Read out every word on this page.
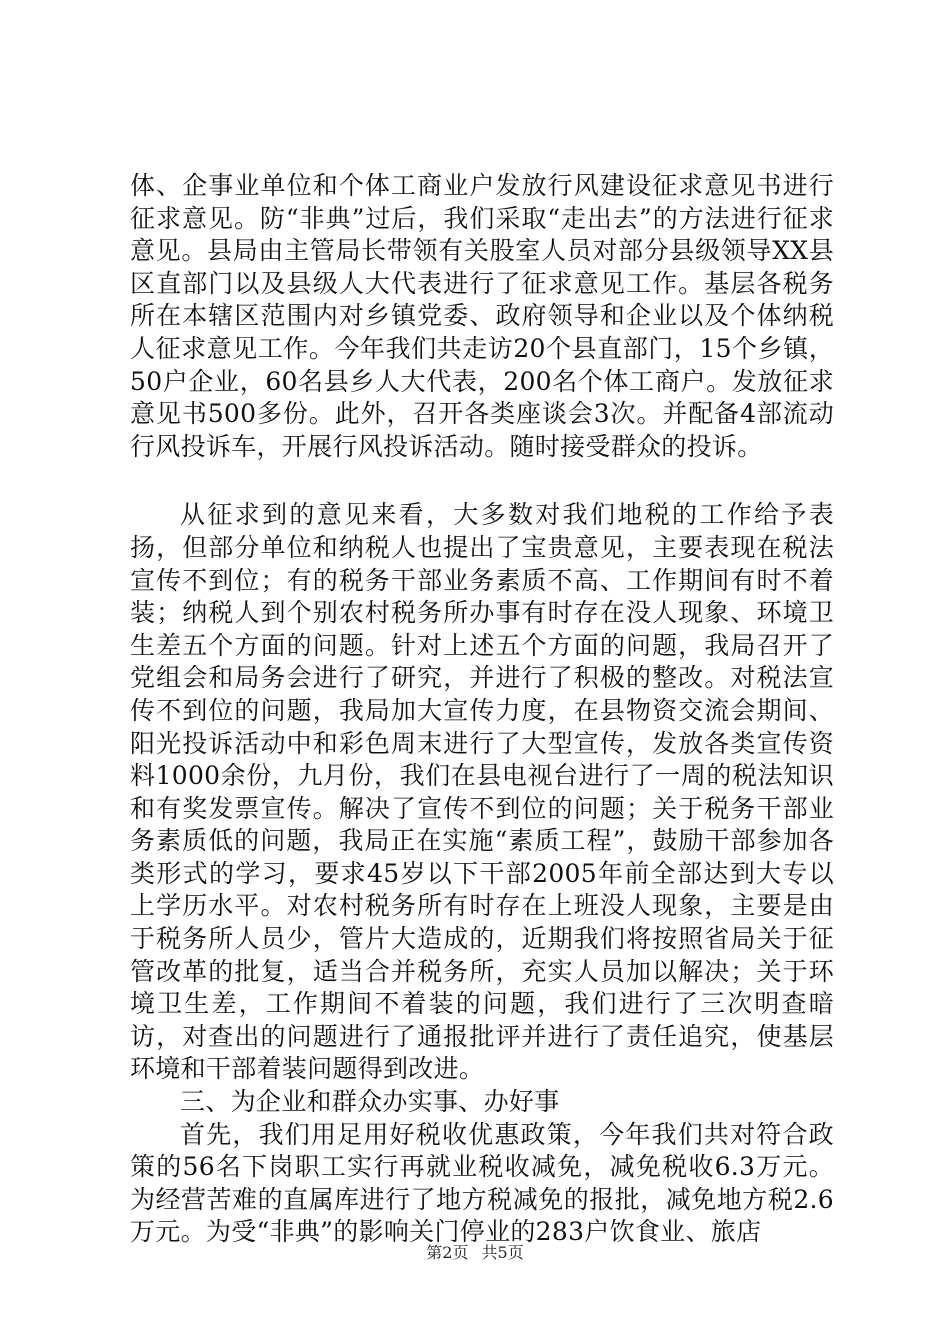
体、企事业单位和个体工商业户发放行风建设征求意见书进行征求意见。防“非典”过后，我们采取“走出去”的方法进行征求意见。县局由主管局长带领有关股室人员对部分县级领导XX县区直部门以及县级人大代表进行了征求意见工作。基层各税务所在本辖区范围内对乡镇党委、政府领导和企业以及个体纳税人征求意见工作。今年我们共走访20个县直部门，15个乡镇，50户企业，60名县乡人大代表，200名个体工商户。发放征求意见书500多份。此外，召开各类座谈会3次。并配备4部流动行风投诉车，开展行风投诉活动。随时接受群众的投诉。

从征求到的意见来看，大多数对我们地税的工作给予表扬，但部分单位和纳税人也提出了宝贵意见，主要表现在税法宣传不到位；有的税务干部业务素质不高、工作期间有时不着装；纳税人到个别农村税务所办事有时存在没人现象、环境卫生差五个方面的问题。针对上述五个方面的问题，我局召开了党组会和局务会进行了研究，并进行了积极的整改。对税法宣传不到位的问题，我局加大宣传力度，在县物资交流会期间、阳光投诉活动中和彩色周末进行了大型宣传，发放各类宣传资料1000余份，九月份，我们在县电视台进行了一周的税法知识和有奖发票宣传。解决了宣传不到位的问题；关于税务干部业务素质低的问题，我局正在实施“素质工程”，鼓励干部参加各类形式的学习，要求45岁以下干部2005年前全部达到大专以上学历水平。对农村税务所有时存在上班没人现象，主要是由于税务所人员少，管片大造成的，近期我们将按照省局关于征管改革的批复，适当合并税务所，充实人员加以解决；关于环境卫生差，工作期间不着装的问题，我们进行了三次明查暗访，对查出的问题进行了通报批评并进行了责任追究，使基层环境和干部着装问题得到改进。

三、为企业和群众办实事、办好事

首先，我们用足用好税收优惠政策，今年我们共对符合政策的56名下岗职工实行再就业税收减免，减免税收6.3万元。为经营苦难的直属库进行了地方税减免的报批，减免地方税2.6万元。为受“非典”的影响关门停业的283户饮食业、旅店

第2页 共5页
